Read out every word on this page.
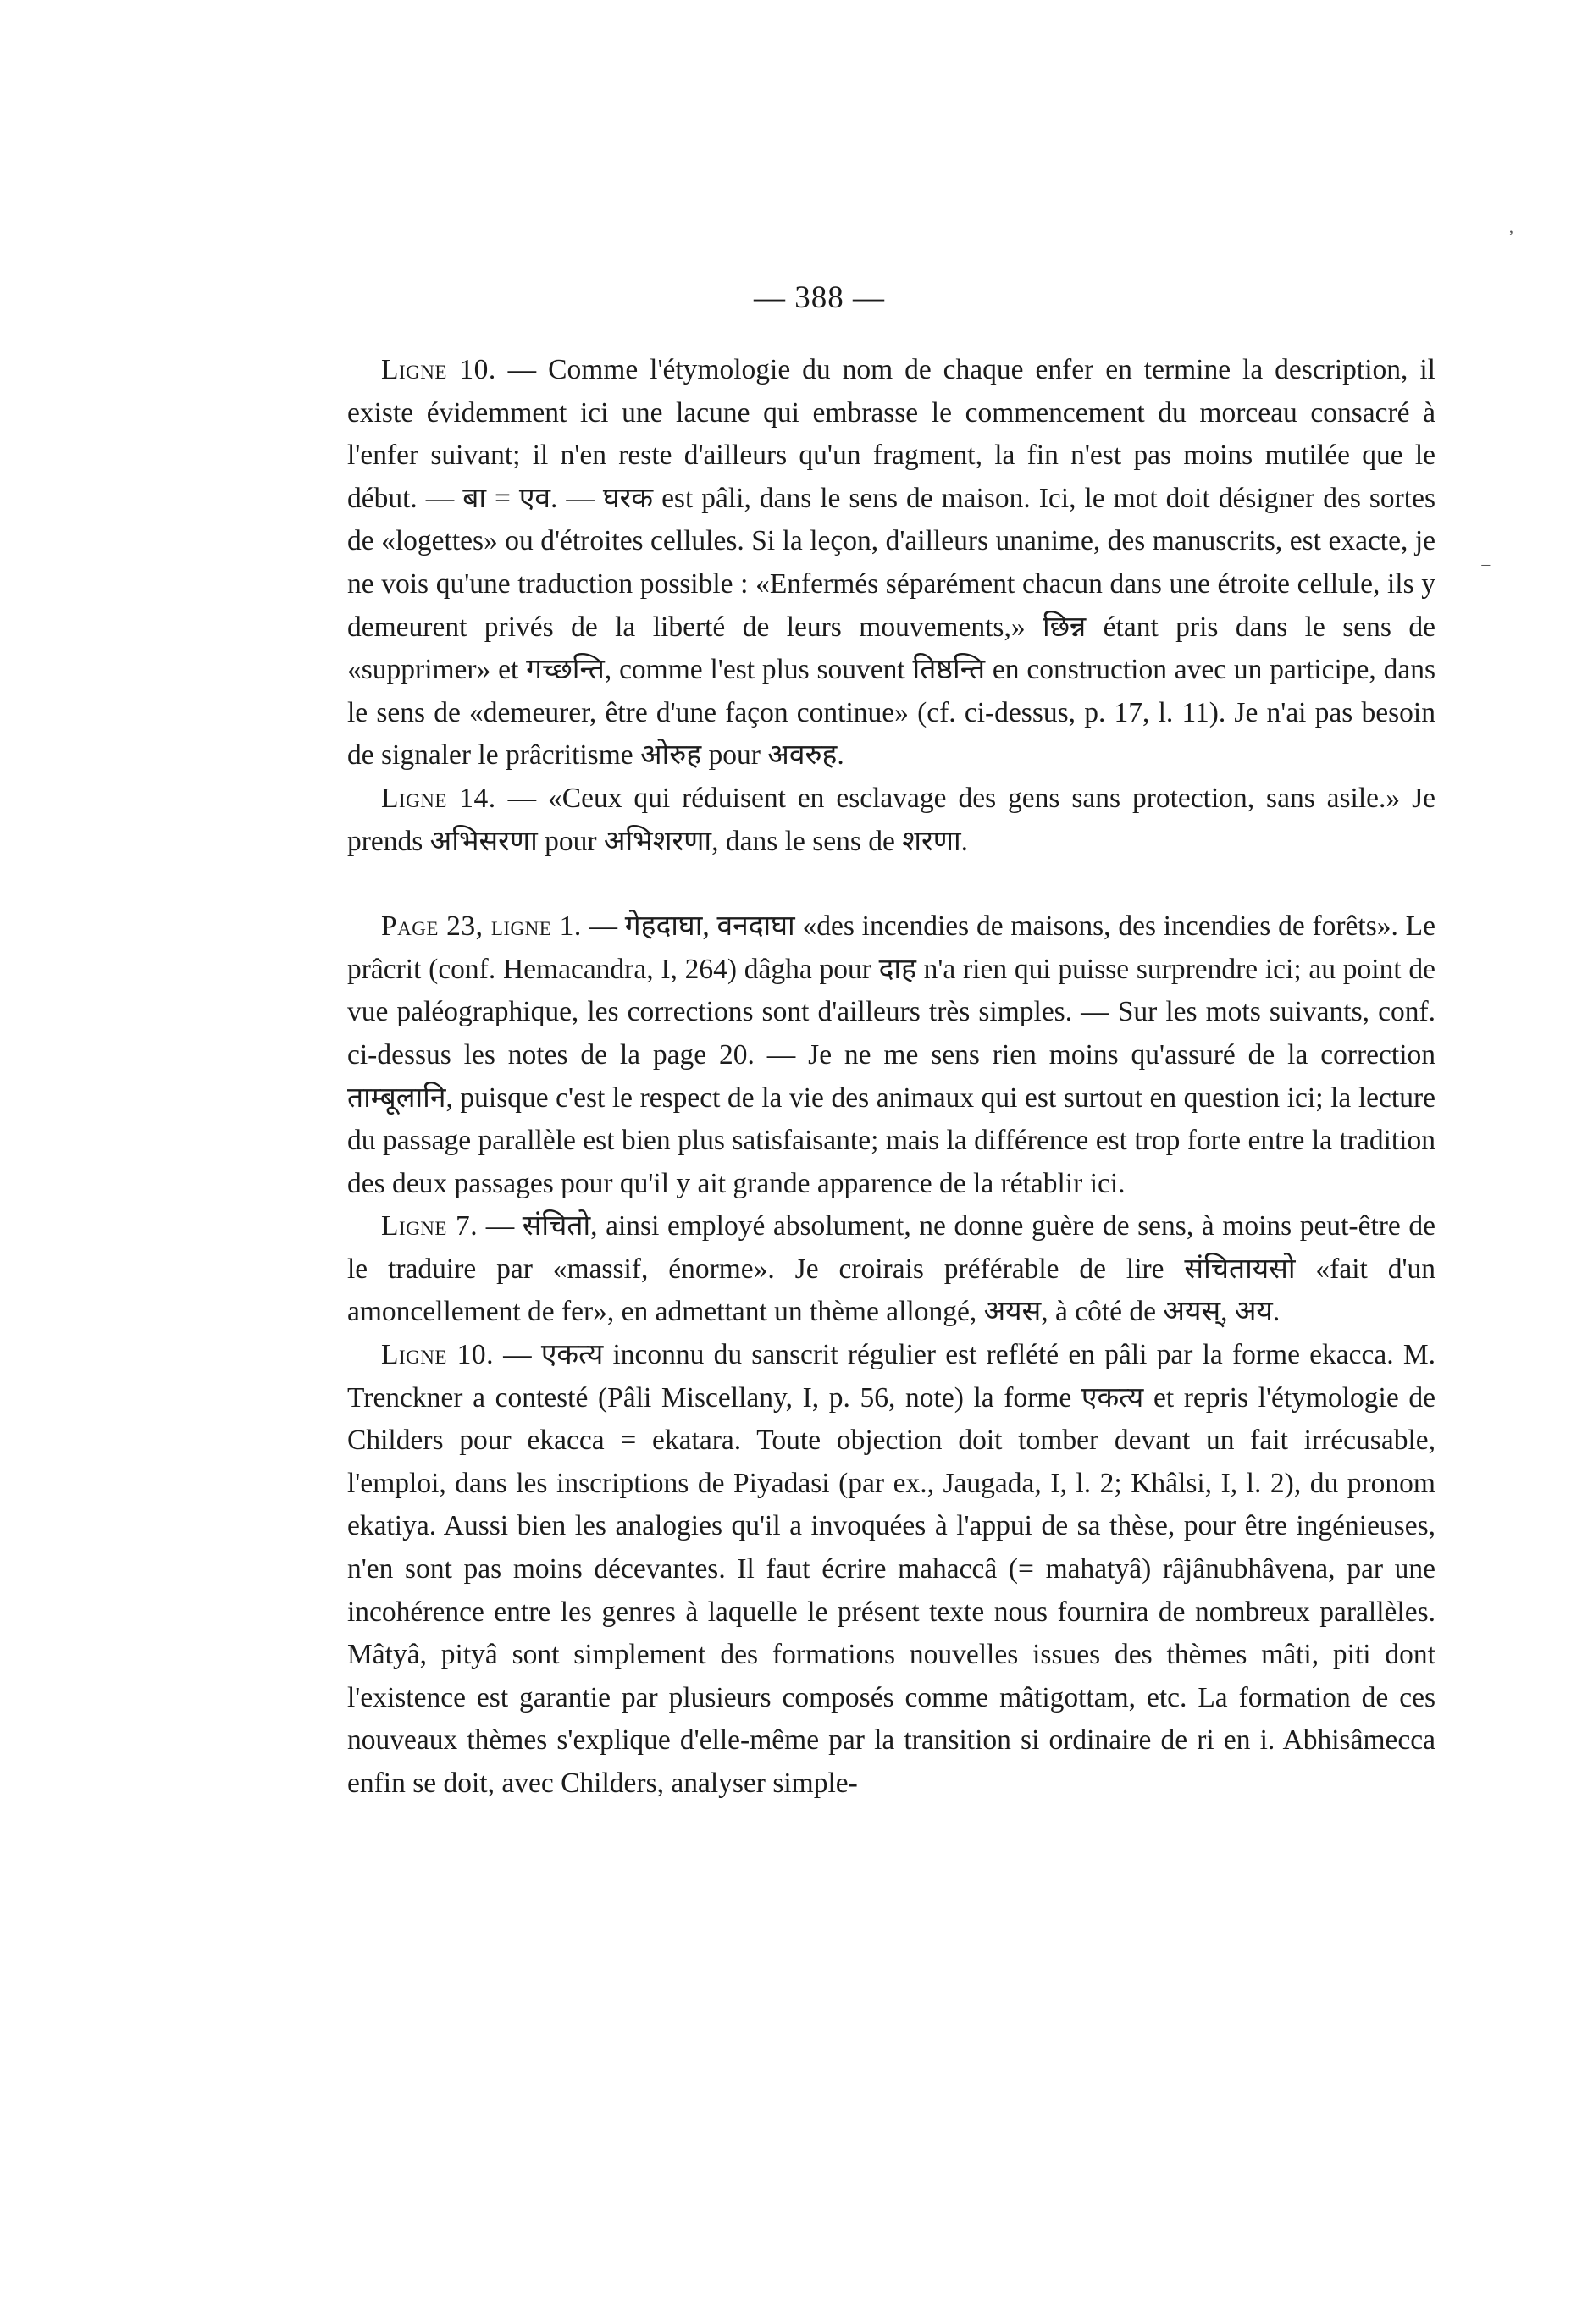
— 388 —

Ligne 10. — Comme l'étymologie du nom de chaque enfer en termine la description, il existe évidemment ici une lacune qui embrasse le commencement du morceau consacré à l'enfer suivant; il n'en reste d'ailleurs qu'un fragment, la fin n'est pas moins mutilée que le début. — बा = एव. — घरक est pâli, dans le sens de maison. Ici, le mot doit désigner des sortes de «logettes» ou d'étroites cellules. Si la leçon, d'ailleurs unanime, des manuscrits, est exacte, je ne vois qu'une traduction possible : «Enfermés séparément chacun dans une étroite cellule, ils y demeurent privés de la liberté de leurs mouvements,» छिन्न étant pris dans le sens de «supprimer» et गच्छन्ति, comme l'est plus souvent तिष्ठन्ति en construction avec un participe, dans le sens de «demeurer, être d'une façon continue» (cf. ci-dessus, p. 17, l. 11). Je n'ai pas besoin de signaler le prâcritisme ओरुह pour अवरुह.

Ligne 14. — «Ceux qui réduisent en esclavage des gens sans protection, sans asile.» Je prends अभिसरणा pour अभिशरणा, dans le sens de शरणा.

Page 23, ligne 1. — गेहदाघा, वनदाघा «des incendies de maisons, des incendies de forêts». Le prâcrit (conf. Hemacandra, I, 264) dâgha pour दाह n'a rien qui puisse surprendre ici; au point de vue paléographique, les corrections sont d'ailleurs très simples. — Sur les mots suivants, conf. ci-dessus les notes de la page 20. — Je ne me sens rien moins qu'assuré de la correction ताम्बूलानि, puisque c'est le respect de la vie des animaux qui est surtout en question ici; la lecture du passage parallèle est bien plus satisfaisante; mais la différence est trop forte entre la tradition des deux passages pour qu'il y ait grande apparence de la rétablir ici.

Ligne 7. — संचितो, ainsi employé absolument, ne donne guère de sens, à moins peut-être de le traduire par «massif, énorme». Je croirais préférable de lire संचितायसो «fait d'un amoncellement de fer», en admettant un thème allongé, अयस, à côté de अयस्, अय.

Ligne 10. — एकत्य inconnu du sanscrit régulier est reflété en pâli par la forme ekacca. M. Trenckner a contesté (Pâli Miscellany, I, p. 56, note) la forme एकत्य et repris l'étymologie de Childers pour ekacca = ekatara. Toute objection doit tomber devant un fait irrécusable, l'emploi, dans les inscriptions de Piyadasi (par ex., Jaugada, I, l. 2; Khâlsi, I, l. 2), du pronom ekatiya. Aussi bien les analogies qu'il a invoquées à l'appui de sa thèse, pour être ingénieuses, n'en sont pas moins décevantes. Il faut écrire mahaccâ (= mahatyâ) râjânubhâvena, par une incohérence entre les genres à laquelle le présent texte nous fournira de nombreux parallèles. Mâtyâ, pityâ sont simplement des formations nouvelles issues des thèmes mâti, piti dont l'existence est garantie par plusieurs composés comme mâtigottam, etc. La formation de ces nouveaux thèmes s'explique d'elle-même par la transition si ordinaire de ri en i. Abhisâmecca enfin se doit, avec Childers, analyser simple-

᾿
‾
